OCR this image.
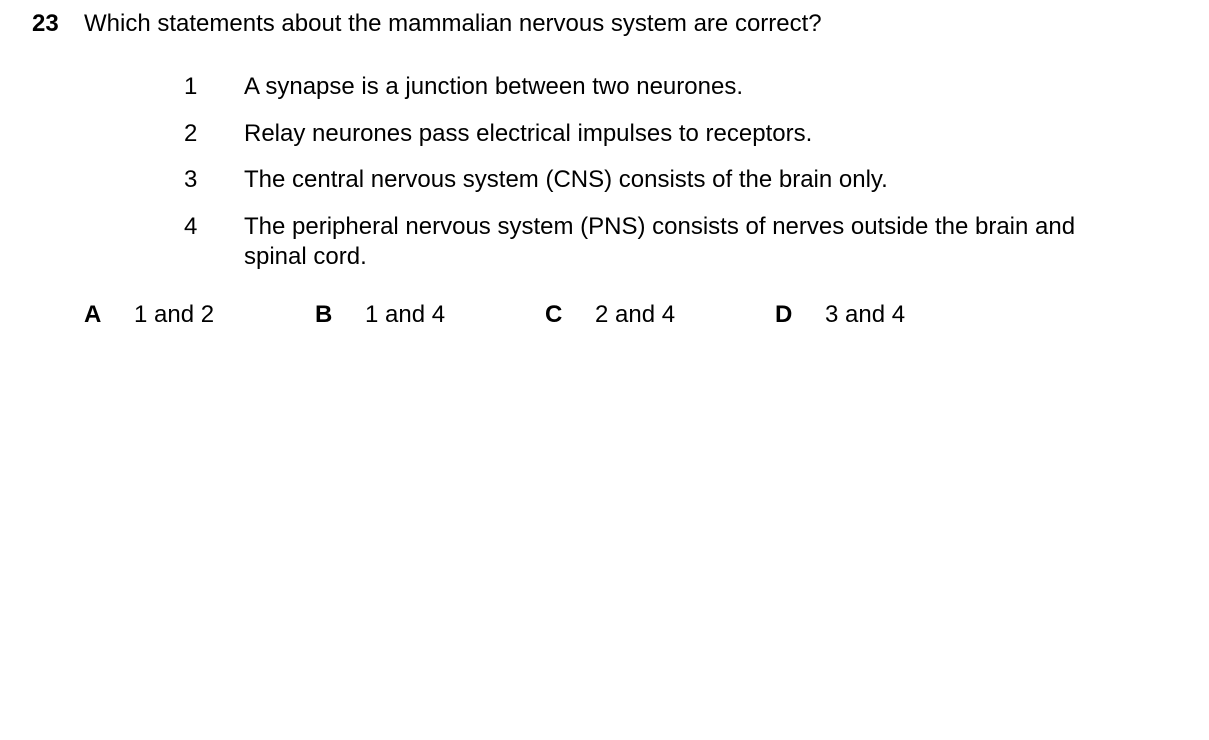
23 Which statements about the mammalian nervous system are correct?
1 A synapse is a junction between two neurones.
2 Relay neurones pass electrical impulses to receptors.
3 The central nervous system (CNS) consists of the brain only.
4 The peripheral nervous system (PNS) consists of nerves outside the brain and spinal cord.
A 1 and 2	B 1 and 4	C 2 and 4	D 3 and 4
